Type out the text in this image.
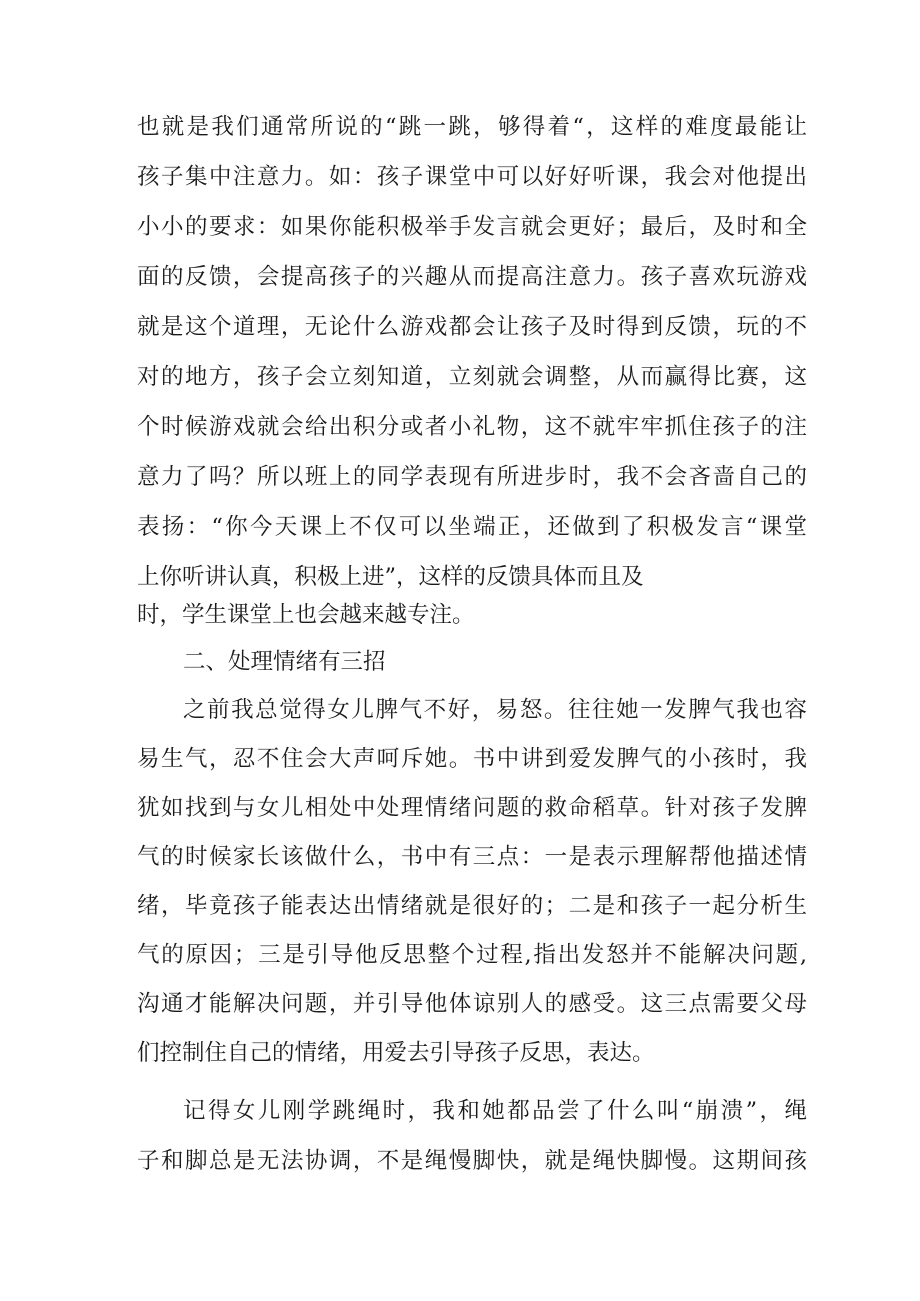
也就是我们通常所说的“跳一跳，够得着“，这样的难度最能让
孩子集中注意力。如：孩子课堂中可以好好听课，我会对他提出
小小的要求：如果你能积极举手发言就会更好；最后，及时和全
面的反馈，会提高孩子的兴趣从而提高注意力。孩子喜欢玩游戏
就是这个道理，无论什么游戏都会让孩子及时得到反馈，玩的不
对的地方，孩子会立刻知道，立刻就会调整，从而赢得比赛，这
个时候游戏就会给出积分或者小礼物，这不就牢牢抓住孩子的注
意力了吗？所以班上的同学表现有所进步时，我不会吝啬自己的
表扬：“你今天课上不仅可以坐端正，还做到了积极发言“课堂
上你听讲认真，积极上进”，这样的反馈具体而且及
时，学生课堂上也会越来越专注。
二、处理情绪有三招
之前我总觉得女儿脾气不好，易怒。往往她一发脾气我也容
易生气，忍不住会大声呵斥她。书中讲到爱发脾气的小孩时，我
犹如找到与女儿相处中处理情绪问题的救命稻草。针对孩子发脾
气的时候家长该做什么，书中有三点：一是表示理解帮他描述情
绪，毕竟孩子能表达出情绪就是很好的；二是和孩子一起分析生
气的原因；三是引导他反思整个过程,指出发怒并不能解决问题,
沟通才能解决问题，并引导他体谅别人的感受。这三点需要父母
们控制住自己的情绪，用爱去引导孩子反思，表达。
记得女儿刚学跳绳时，我和她都品尝了什么叫“崩溃”，绳
子和脚总是无法协调，不是绳慢脚快，就是绳快脚慢。这期间孩
